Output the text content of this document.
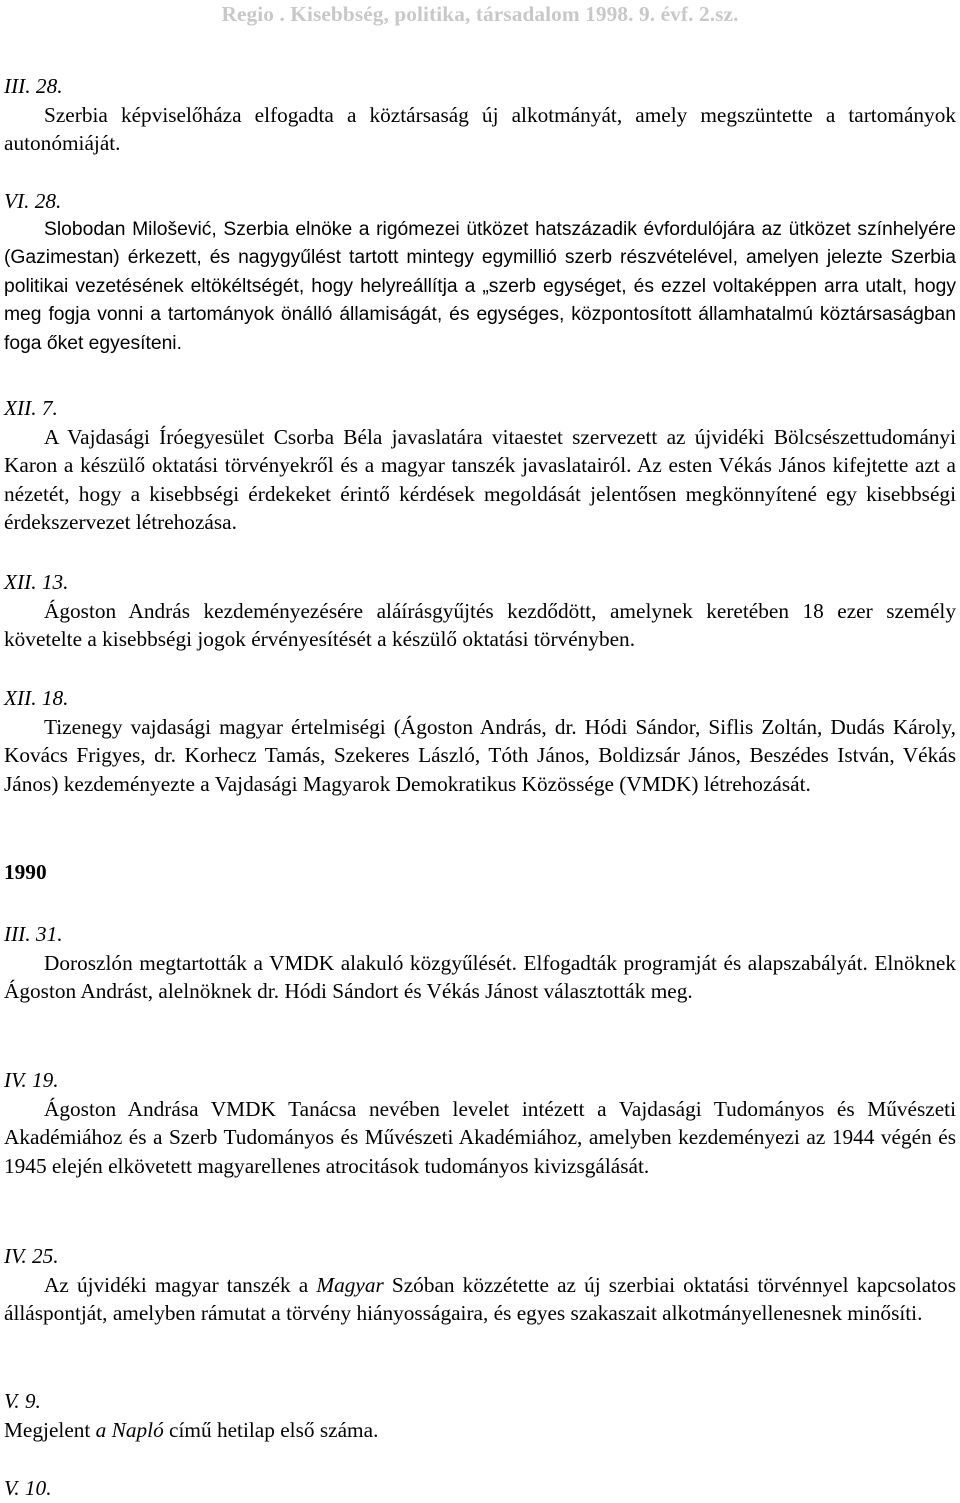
Regio . Kisebbség, politika, társadalom 1998. 9. évf. 2.sz.
III. 28.

Szerbia képviselőháza elfogadta a köztársaság új alkotmányát, amely megszüntette a tartományok autonómiáját.

VI. 28.

Slobodan Milošević, Szerbia elnöke a rigómezei ütközet hatszázadik évfordulójára az ütközet színhelyére (Gazimestan) érkezett, és nagygyűlést tartott mintegy egymillió szerb részvételével, amelyen jelezte Szerbia politikai vezetésének eltökéltségét, hogy helyreállítja a „szerb egységet, és ezzel voltaképpen arra utalt, hogy meg fogja vonni a tartományok önálló államiságát, és egységes, központosított államhatalmú köztársaságban foga őket egyesíteni.

XII. 7.

A Vajdasági Íróegyesület Csorba Béla javaslatára vitaestet szervezett az újvidéki Bölcsészettudományi Karon a készülő oktatási törvényekről és a magyar tanszék javaslatairól. Az esten Vékás János kifejtette azt a nézetét, hogy a kisebbségi érdekeket érintő kérdések megoldását jelentősen megkönnyítené egy kisebbségi érdekszervezet létrehozása.

XII. 13.

Ágoston András kezdeményezésére aláírásgyűjtés kezdődött, amelynek keretében 18 ezer személy követelte a kisebbségi jogok érvényesítését a készülő oktatási törvényben.

XII. 18.

Tizenegy vajdasági magyar értelmiségi (Ágoston András, dr. Hódi Sándor, Siflis Zoltán, Dudás Károly, Kovács Frigyes, dr. Korhecz Tamás, Szekeres László, Tóth János, Boldizsár János, Beszédes István, Vékás János) kezdeményezte a Vajdasági Magyarok Demokratikus Közössége (VMDK) létrehozását.

1990
III. 31.

Doroszlón megtartották a VMDK alakuló közgyűlését. Elfogadták programját és alapszabályát. Elnöknek Ágoston Andrást, alelnöknek dr. Hódi Sándort és Vékás Jánost választották meg.

IV. 19.

Ágoston Andrása VMDK Tanácsa nevében levelet intézett a Vajdasági Tudományos és Művészeti Akadémiához és a Szerb Tudományos és Művészeti Akadémiához, amelyben kezdeményezi az 1944 végén és 1945 elején elkövetett magyarellenes atrocitások tudományos kivizsgálását.

IV. 25.

Az újvidéki magyar tanszék a Magyar Szóban közzétette az új szerbiai oktatási törvénnyel kapcsolatos álláspontját, amelyben rámutat a törvény hiányosságaira, és egyes szakaszait alkotmányellenesnek minősíti.

V. 9.

Megjelent a Napló című hetilap első száma.

V. 10.
